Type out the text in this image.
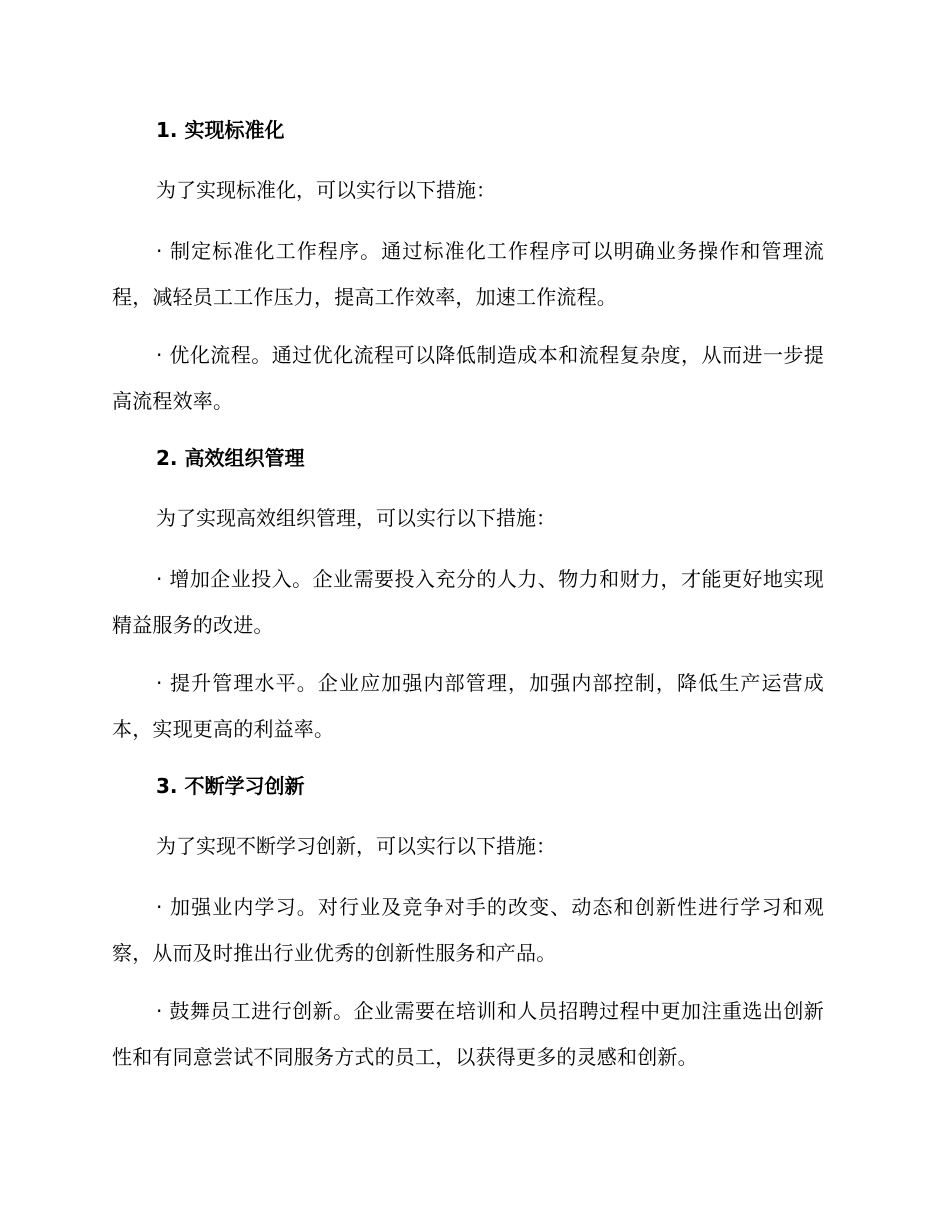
1. 实现标准化
为了实现标准化，可以实行以下措施：

· 制定标准化工作程序。通过标准化工作程序可以明确业务操作和管理流程，减轻员工工作压力，提高工作效率，加速工作流程。

· 优化流程。通过优化流程可以降低制造成本和流程复杂度，从而进一步提高流程效率。

2. 高效组织管理
为了实现高效组织管理，可以实行以下措施：

· 增加企业投入。企业需要投入充分的人力、物力和财力，才能更好地实现精益服务的改进。

· 提升管理水平。企业应加强内部管理，加强内部控制，降低生产运营成本，实现更高的利益率。

3. 不断学习创新
为了实现不断学习创新，可以实行以下措施：

· 加强业内学习。对行业及竞争对手的改变、动态和创新性进行学习和观察，从而及时推出行业优秀的创新性服务和产品。

· 鼓舞员工进行创新。企业需要在培训和人员招聘过程中更加注重选出创新性和有同意尝试不同服务方式的员工，以获得更多的灵感和创新。
